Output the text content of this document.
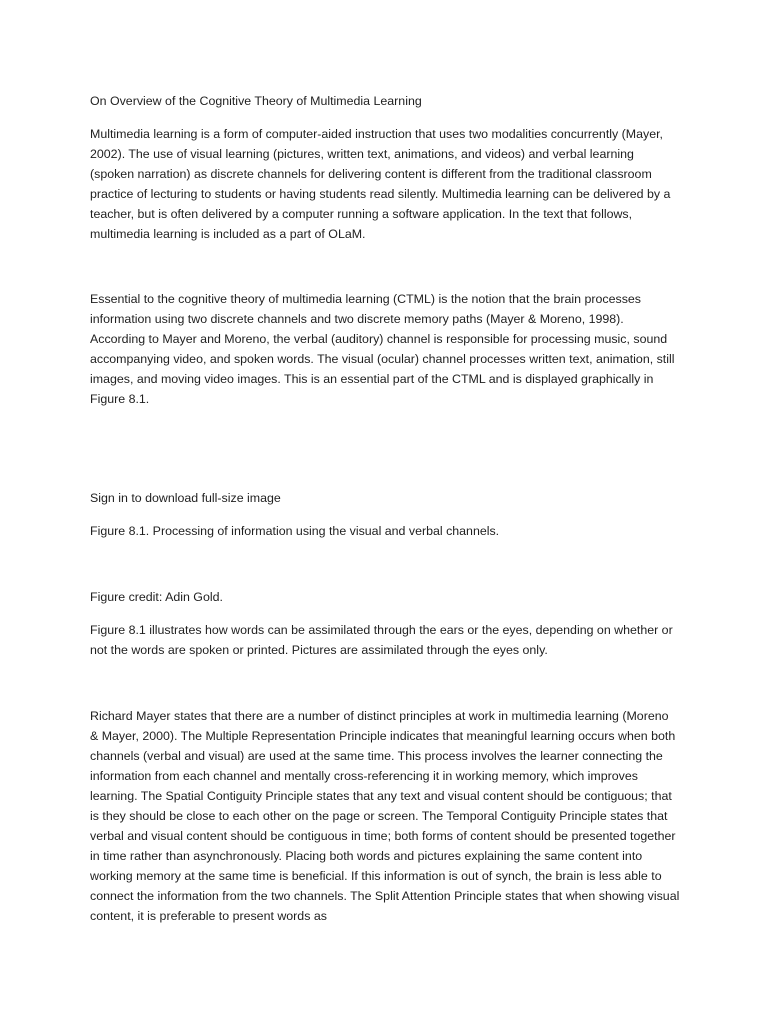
On Overview of the Cognitive Theory of Multimedia Learning

Multimedia learning is a form of computer-aided instruction that uses two modalities concurrently (Mayer, 2002). The use of visual learning (pictures, written text, animations, and videos) and verbal learning (spoken narration) as discrete channels for delivering content is different from the traditional classroom practice of lecturing to students or having students read silently. Multimedia learning can be delivered by a teacher, but is often delivered by a computer running a software application. In the text that follows, multimedia learning is included as a part of OLaM.

Essential to the cognitive theory of multimedia learning (CTML) is the notion that the brain processes information using two discrete channels and two discrete memory paths (Mayer & Moreno, 1998). According to Mayer and Moreno, the verbal (auditory) channel is responsible for processing music, sound accompanying video, and spoken words. The visual (ocular) channel processes written text, animation, still images, and moving video images. This is an essential part of the CTML and is displayed graphically in Figure 8.1.

Sign in to download full-size image

Figure 8.1. Processing of information using the visual and verbal channels.

Figure credit: Adin Gold.

Figure 8.1 illustrates how words can be assimilated through the ears or the eyes, depending on whether or not the words are spoken or printed. Pictures are assimilated through the eyes only.

Richard Mayer states that there are a number of distinct principles at work in multimedia learning (Moreno & Mayer, 2000). The Multiple Representation Principle indicates that meaningful learning occurs when both channels (verbal and visual) are used at the same time. This process involves the learner connecting the information from each channel and mentally cross-referencing it in working memory, which improves learning. The Spatial Contiguity Principle states that any text and visual content should be contiguous; that is they should be close to each other on the page or screen. The Temporal Contiguity Principle states that verbal and visual content should be contiguous in time; both forms of content should be presented together in time rather than asynchronously. Placing both words and pictures explaining the same content into working memory at the same time is beneficial. If this information is out of synch, the brain is less able to connect the information from the two channels. The Split Attention Principle states that when showing visual content, it is preferable to present words as
